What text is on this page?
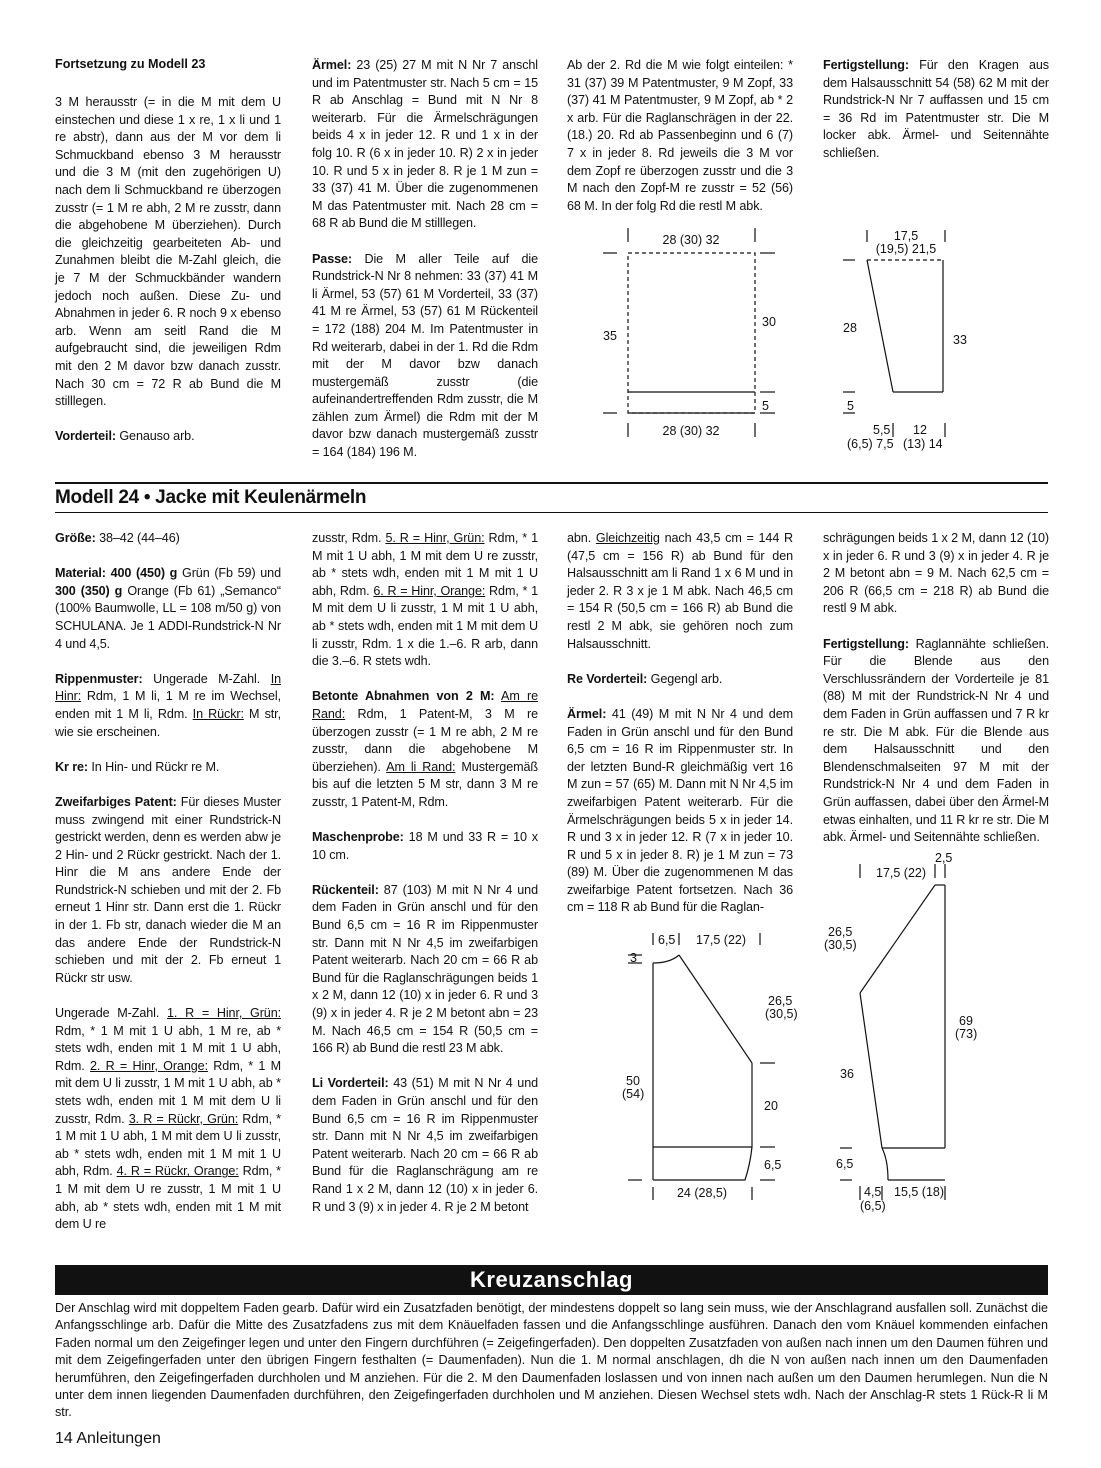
Fortsetzung zu Modell 23

3 M herausstr (= in die M mit dem U einstechen und diese 1 x re, 1 x li und 1 re abstr), dann aus der M vor dem li Schmuckband ebenso 3 M herausstr und die 3 M (mit den zugehörigen U) nach dem li Schmuckband re überzogen zusstr (= 1 M re abh, 2 M re zusstr, dann die abgehobene M überziehen). Durch die gleichzeitig gearbeiteten Ab- und Zunahmen bleibt die M-Zahl gleich, die je 7 M der Schmuckbänder wandern jedoch noch außen. Diese Zu- und Abnahmen in jeder 6. R noch 9 x ebenso arb. Wenn am seitl Rand die M aufgebraucht sind, die jeweiligen Rdm mit den 2 M davor bzw danach zusstr. Nach 30 cm = 72 R ab Bund die M stilllegen.

Vorderteil: Genauso arb.

Ärmel: 23 (25) 27 M mit N Nr 7 anschl und im Patentmuster str. Nach 5 cm = 15 R ab Anschlag = Bund mit N Nr 8 weiterarb. Für die Ärmelschrägungen beids 4 x in jeder 12. R und 1 x in der folg 10. R (6 x in jeder 10. R) 2 x in jeder 10. R und 5 x in jeder 8. R je 1 M zun = 33 (37) 41 M. Über die zugenommenen M das Patentmuster mit. Nach 28 cm = 68 R ab Bund die M stilllegen.

Passe: Die M aller Teile auf die Rundstrick-N Nr 8 nehmen: 33 (37) 41 M li Ärmel, 53 (57) 61 M Vorderteil, 33 (37) 41 M re Ärmel, 53 (57) 61 M Rückenteil = 172 (188) 204 M. Im Patentmuster in Rd weiterarb, dabei in der 1. Rd die Rdm mit der M davor bzw danach mustergemäß zusstr (die aufeinandertreffenden Rdm zusstr, die M zählen zum Ärmel) die Rdm mit der M davor bzw danach mustergemäß zusstr = 164 (184) 196 M.

Ab der 2. Rd die M wie folgt einteilen: * 31 (37) 39 M Patentmuster, 9 M Zopf, 33 (37) 41 M Patentmuster, 9 M Zopf, ab * 2 x arb. Für die Raglanschrägen in der 22. (18.) 20. Rd ab Passenbeginn und 6 (7) 7 x in jeder 8. Rd jeweils die 3 M vor dem Zopf re überzogen zusstr und die 3 M nach den Zopf-M re zusstr = 52 (56) 68 M. In der folg Rd die restl M abk.

Fertigstellung: Für den Kragen aus dem Halsausschnitt 54 (58) 62 M mit der Rundstrick-N Nr 7 auffassen und 15 cm = 36 Rd im Patentmuster str. Die M locker abk. Ärmel- und Seitennähte schließen.

28 (30) 32
28 (30) 32
35
30
5
17,5
(19,5) 21,5
28
33
5
5,5 12
(6,5) 7,5 (13) 14
Modell 24 • Jacke mit Keulenärmeln

Größe: 38–42 (44–46)

Material: 400 (450) g Grün (Fb 59) und 300 (350) g Orange (Fb 61) „Semanco“ (100% Baumwolle, LL = 108 m/50 g) von SCHULANA. Je 1 ADDI-Rundstrick-N Nr 4 und 4,5.

Rippenmuster: Ungerade M-Zahl. In Hinr: Rdm, 1 M li, 1 M re im Wechsel, enden mit 1 M li, Rdm. In Rückr: M str, wie sie erscheinen.

Kr re: In Hin- und Rückr re M.

Zweifarbiges Patent: Für dieses Muster muss zwingend mit einer Rundstrick-N gestrickt werden, denn es werden abw je 2 Hin- und 2 Rückr gestrickt. Nach der 1. Hinr die M ans andere Ende der Rundstrick-N schieben und mit der 2. Fb erneut 1 Hinr str. Dann erst die 1. Rückr in der 1. Fb str, danach wieder die M an das andere Ende der Rundstrick-N schieben und mit der 2. Fb erneut 1 Rückr str usw.

Ungerade M-Zahl. 1. R = Hinr, Grün: Rdm, * 1 M mit 1 U abh, 1 M re, ab * stets wdh, enden mit 1 M mit 1 U abh, Rdm. 2. R = Hinr, Orange: Rdm, * 1 M mit dem U li zusstr, 1 M mit 1 U abh, ab * stets wdh, enden mit 1 M mit dem U li zusstr, Rdm. 3. R = Rückr, Grün: Rdm, * 1 M mit 1 U abh, 1 M mit dem U li zusstr, ab * stets wdh, enden mit 1 M mit 1 U abh, Rdm. 4. R = Rückr, Orange: Rdm, * 1 M mit dem U re zusstr, 1 M mit 1 U abh, ab * stets wdh, enden mit 1 M mit dem U re

zusstr, Rdm. 5. R = Hinr, Grün: Rdm, * 1 M mit 1 U abh, 1 M mit dem U re zusstr, ab * stets wdh, enden mit 1 M mit 1 U abh, Rdm. 6. R = Hinr, Orange: Rdm, * 1 M mit dem U li zusstr, 1 M mit 1 U abh, ab * stets wdh, enden mit 1 M mit dem U li zusstr, Rdm. 1 x die 1.–6. R arb, dann die 3.–6. R stets wdh.

Betonte Abnahmen von 2 M: Am re Rand: Rdm, 1 Patent-M, 3 M re überzogen zusstr (= 1 M re abh, 2 M re zusstr, dann die abgehobene M überziehen). Am li Rand: Mustergemäß bis auf die letzten 5 M str, dann 3 M re zusstr, 1 Patent-M, Rdm.

Maschenprobe: 18 M und 33 R = 10 x 10 cm.

Rückenteil: 87 (103) M mit N Nr 4 und dem Faden in Grün anschl und für den Bund 6,5 cm = 16 R im Rippenmuster str. Dann mit N Nr 4,5 im zweifarbigen Patent weiterarb. Nach 20 cm = 66 R ab Bund für die Raglanschrägungen beids 1 x 2 M, dann 12 (10) x in jeder 6. R und 3 (9) x in jeder 4. R je 2 M betont abn = 23 M. Nach 46,5 cm = 154 R (50,5 cm = 166 R) ab Bund die restl 23 M abk.

Li Vorderteil: 43 (51) M mit N Nr 4 und dem Faden in Grün anschl und für den Bund 6,5 cm = 16 R im Rippenmuster str. Dann mit N Nr 4,5 im zweifarbigen Patent weiterarb. Nach 20 cm = 66 R ab Bund für die Raglanschrägung am re Rand 1 x 2 M, dann 12 (10) x in jeder 6. R und 3 (9) x in jeder 4. R je 2 M betont

abn. Gleichzeitig nach 43,5 cm = 144 R (47,5 cm = 156 R) ab Bund für den Halsausschnitt am li Rand 1 x 6 M und in jeder 2. R 3 x je 1 M abk. Nach 46,5 cm = 154 R (50,5 cm = 166 R) ab Bund die restl 2 M abk, sie gehören noch zum Halsausschnitt.

Re Vorderteil: Gegengl arb.

Ärmel: 41 (49) M mit N Nr 4 und dem Faden in Grün anschl und für den Bund 6,5 cm = 16 R im Rippenmuster str. In der letzten Bund-R gleichmäßig vert 16 M zun = 57 (65) M. Dann mit N Nr 4,5 im zweifarbigen Patent weiterarb. Für die Ärmelschrägungen beids 5 x in jeder 14. R und 3 x in jeder 12. R (7 x in jeder 10. R und 5 x in jeder 8. R) je 1 M zun = 73 (89) M. Über die zugenommenen M das zweifarbige Patent fortsetzen. Nach 36 cm = 118 R ab Bund für die Raglan-

schrägungen beids 1 x 2 M, dann 12 (10) x in jeder 6. R und 3 (9) x in jeder 4. R je 2 M betont abn = 9 M. Nach 62,5 cm = 206 R (66,5 cm = 218 R) ab Bund die restl 9 M abk.

Fertigstellung: Raglannähte schließen. Für die Blende aus den Verschlussrändern der Vorderteile je 81 (88) M mit der Rundstrick-N Nr 4 und dem Faden in Grün auffassen und 7 R kr re str. Die M abk. Für die Blende aus dem Halsausschnitt und den Blendenschmalseiten 97 M mit der Rundstrick-N Nr 4 und dem Faden in Grün auffassen, dabei über den Ärmel-M etwas einhalten, und 11 R kr re str. Die M abk. Ärmel- und Seitennähte schließen.

6,5 17,5 (22)
3
26,5
(30,5)
50
(54)
20
6,5
24 (28,5)
2,5
17,5 (22)
26,5
(30,5)
36
69
(73)
6,5
4,5 15,5 (18)
(6,5)
Kreuzanschlag
Der Anschlag wird mit doppeltem Faden gearb. Dafür wird ein Zusatzfaden benötigt, der mindestens doppelt so lang sein muss, wie der Anschlagrand ausfallen soll. Zunächst die Anfangsschlinge arb. Dafür die Mitte des Zusatzfadens zus mit dem Knäuelfaden fassen und die Anfangsschlinge ausführen. Danach den vom Knäuel kommenden einfachen Faden normal um den Zeigefinger legen und unter den Fingern durchführen (= Zeigefingerfaden). Den doppelten Zusatzfaden von außen nach innen um den Daumen führen und mit dem Zeigefingerfaden unter den übrigen Fingern festhalten (= Daumenfaden). Nun die 1. M normal anschlagen, dh die N von außen nach innen um den Daumenfaden herumführen, den Zeigefingerfaden durchholen und M anziehen. Für die 2. M den Daumenfaden loslassen und von innen nach außen um den Daumen herumlegen. Nun die N unter dem innen liegenden Daumenfaden durchführen, den Zeigefingerfaden durchholen und M anziehen. Diesen Wechsel stets wdh. Nach der Anschlag-R stets 1 Rück-R li M str.
14 Anleitungen
